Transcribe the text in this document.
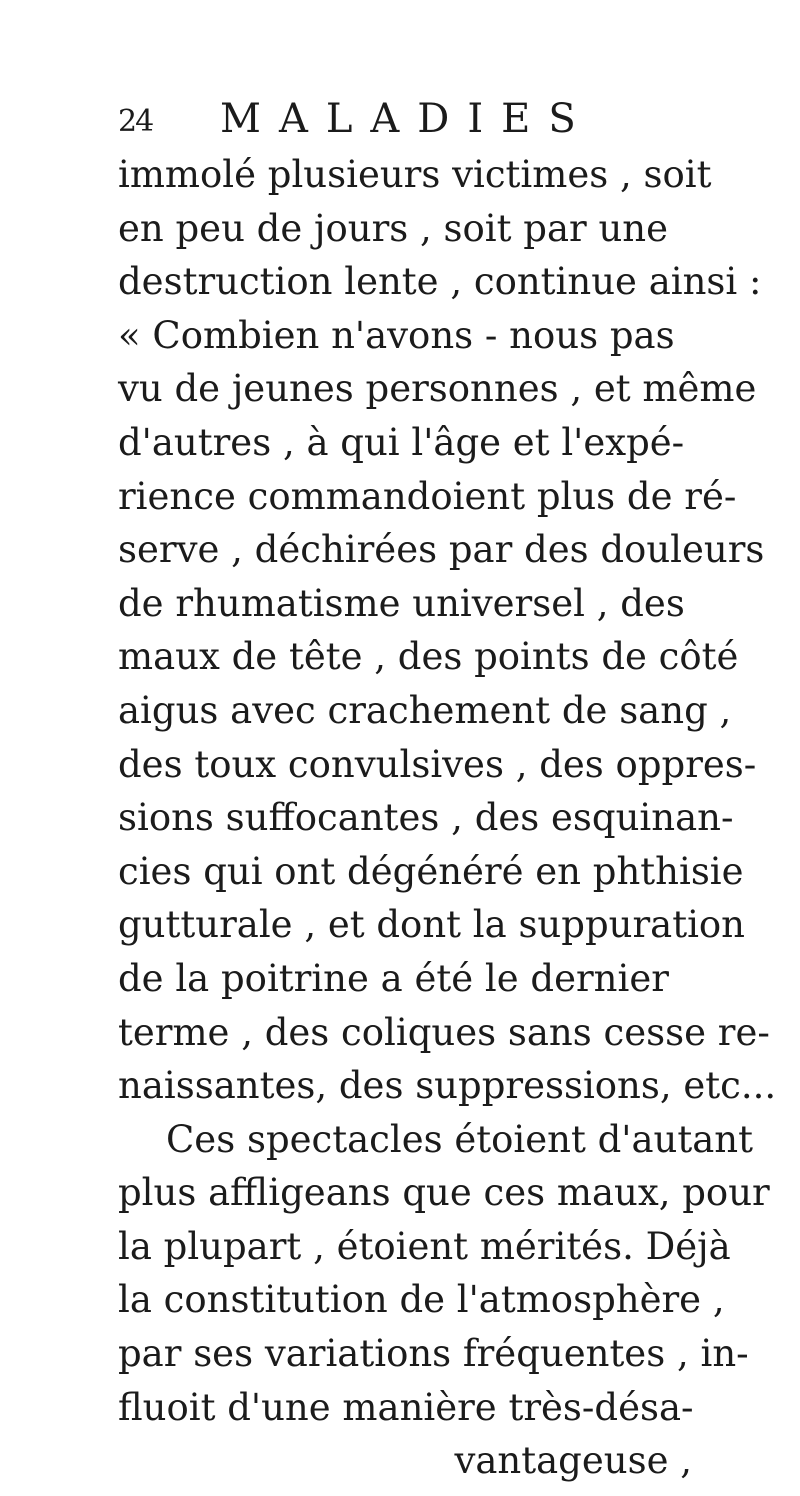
24 MALADIES
immolé plusieurs victimes , soit
en peu de jours , soit par une
destruction lente , continue ainsi :
« Combien n'avons - nous pas
vu de jeunes personnes , et même
d'autres , à qui l'âge et l'expé-
rience commandoient plus de ré-
serve , déchirées par des douleurs
de rhumatisme universel , des
maux de tête , des points de côté
aigus avec crachement de sang ,
des toux convulsives , des oppres-
sions suffocantes , des esquinan-
cies qui ont dégénéré en phthisie
gutturale , et dont la suppuration
de la poitrine a été le dernier
terme , des coliques sans cesse re-
naissantes, des suppressions, etc...
Ces spectacles étoient d'autant
plus affligeans que ces maux, pour
la plupart , étoient mérités. Déjà
la constitution de l'atmosphère ,
par ses variations fréquentes , in-
fluoit d'une manière très-désa-
vantageuse ,
